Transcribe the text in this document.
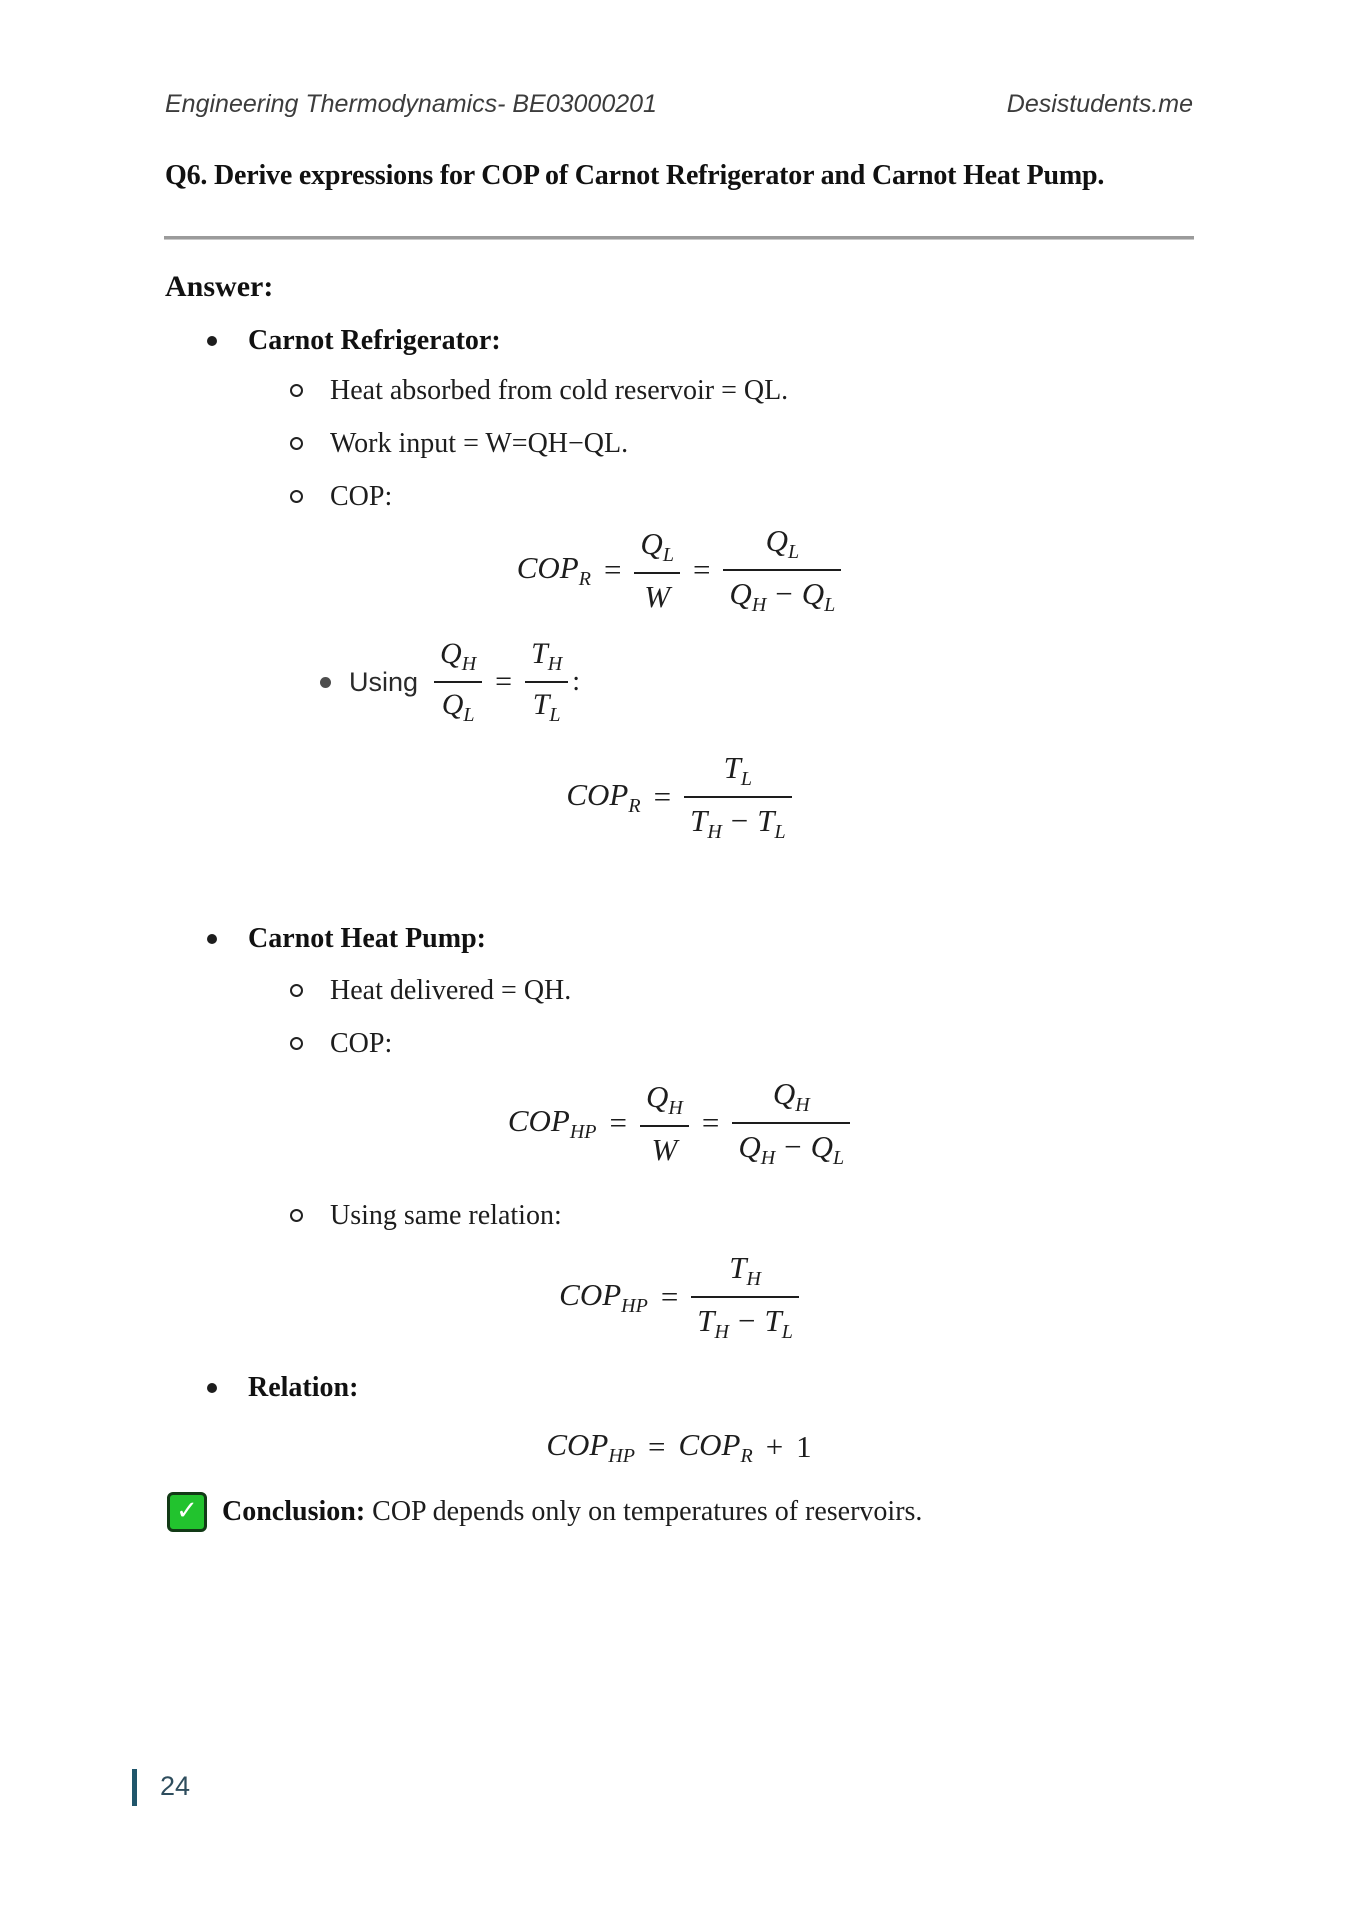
Engineering Thermodynamics- BE03000201	Desistudents.me
Q6. Derive expressions for COP of Carnot Refrigerator and Carnot Heat Pump.
Answer:
Carnot Refrigerator:
Heat absorbed from cold reservoir = QL.
Work input = W=QH−QL.
COP:
$COP_R = \frac{Q_L}{W} = \frac{Q_L}{Q_H - Q_L}$
Using $\frac{Q_H}{Q_L} = \frac{T_H}{T_L}$ :
$COP_R = \frac{T_L}{T_H - T_L}$
Carnot Heat Pump:
Heat delivered = QH.
COP:
$COP_{HP} = \frac{Q_H}{W} = \frac{Q_H}{Q_H - Q_L}$
Using same relation:
$COP_{HP} = \frac{T_H}{T_H - T_L}$
Relation:
$COP_{HP} = COP_R + 1$
✓ Conclusion: COP depends only on temperatures of reservoirs.
24
